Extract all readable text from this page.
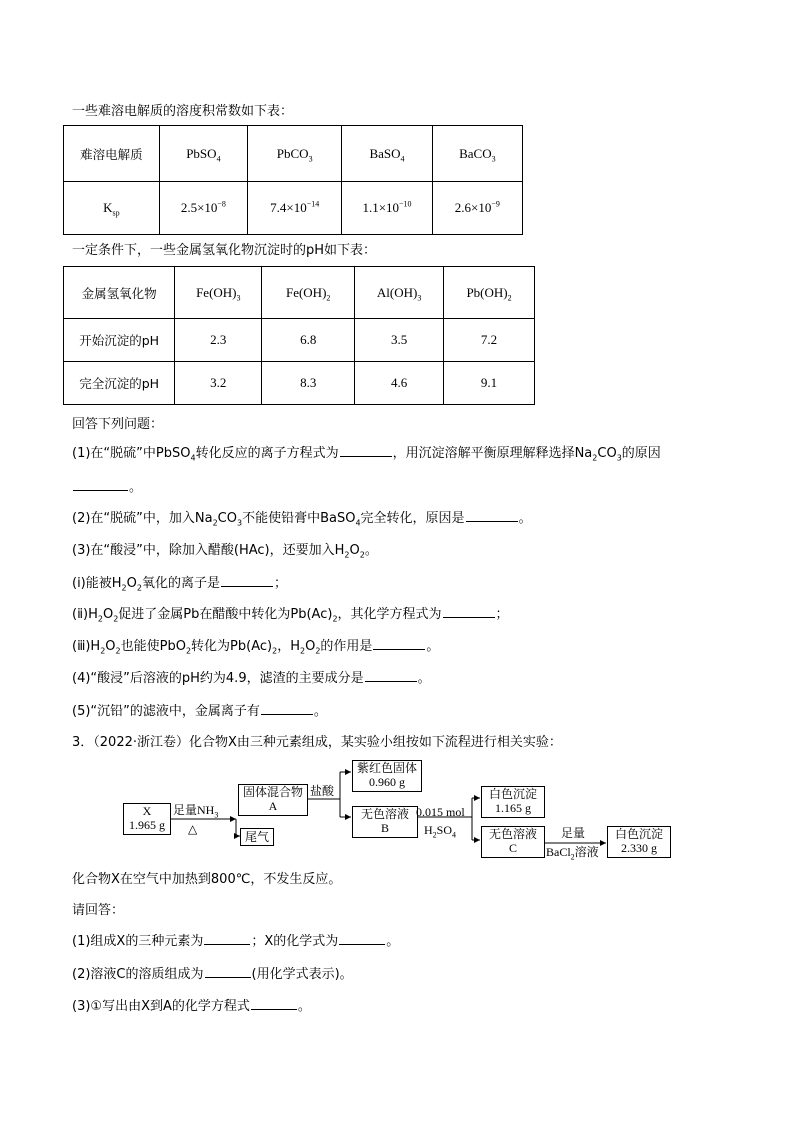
一些难溶电解质的溶度积常数如下表：
难溶电解质	PbSO$_4$	PbCO$_3$	BaSO$_4$	BaCO$_3$
$K_{sp}$	$2.5\times 10^{-8}$	$7.4\times 10^{-14}$	$1.1\times 10^{-10}$	$2.6\times 10^{-9}$
一定条件下，一些金属氢氧化物沉淀时的pH如下表：
金属氢氧化物	$Fe(OH)_3$	$Fe(OH)_2$	$Al(OH)_3$	$Pb(OH)_2$
开始沉淀的pH	2.3	6.8	3.5	7.2
完全沉淀的pH	3.2	8.3	4.6	9.1
回答下列问题：
(1)在“脱硫”中PbSO$_4$转化反应的离子方程式为	，用沉淀溶解平衡原理解释选择$Na_2CO_3$的原因
。
(2)在“脱硫”中，加入$Na_2CO_3$不能使铅膏中BaSO$_4$完全转化，原因是	。
(3)在“酸浸”中，除加入醋酸(HAc)，还要加入$H_2O_2$。
(ⅰ)能被$H_2O_2$氧化的离子是	；
$(ⅱ)H_2O_2$促进了金属Pb在醋酸中转化为$Pb(Ac)_2$，其化学方程式为	；
$(ⅲ)H_2O_2$也能使PbO$_2$转化为$Pb(Ac)_2$，$H_2O_2$的作用是	。
(4)“酸浸”后溶液的pH约为4.9，滤渣的主要成分是	。
(5)“沉铅”的滤液中，金属离子有	。
3．（2022·浙江卷）化合物X由三种元素组成，某实验小组按如下流程进行相关实验：
X
1.965 g
足量$NH_3$
△
固体混合物
A
尾气
盐酸
紫红色固体
0.960 g
无色溶液
B
0.015 mol
$H_2SO_4$
白色沉淀
1.165 g
无色溶液
C
足量
BaCl$_2$溶液
白色沉淀
2.330 g
化合物X在空气中加热到800℃，不发生反应。
请回答：
(1)组成X的三种元素为	；X的化学式为	。
(2)溶液C的溶质组成为	(用化学式表示)。
(3)①写出由X到A的化学方程式	。
